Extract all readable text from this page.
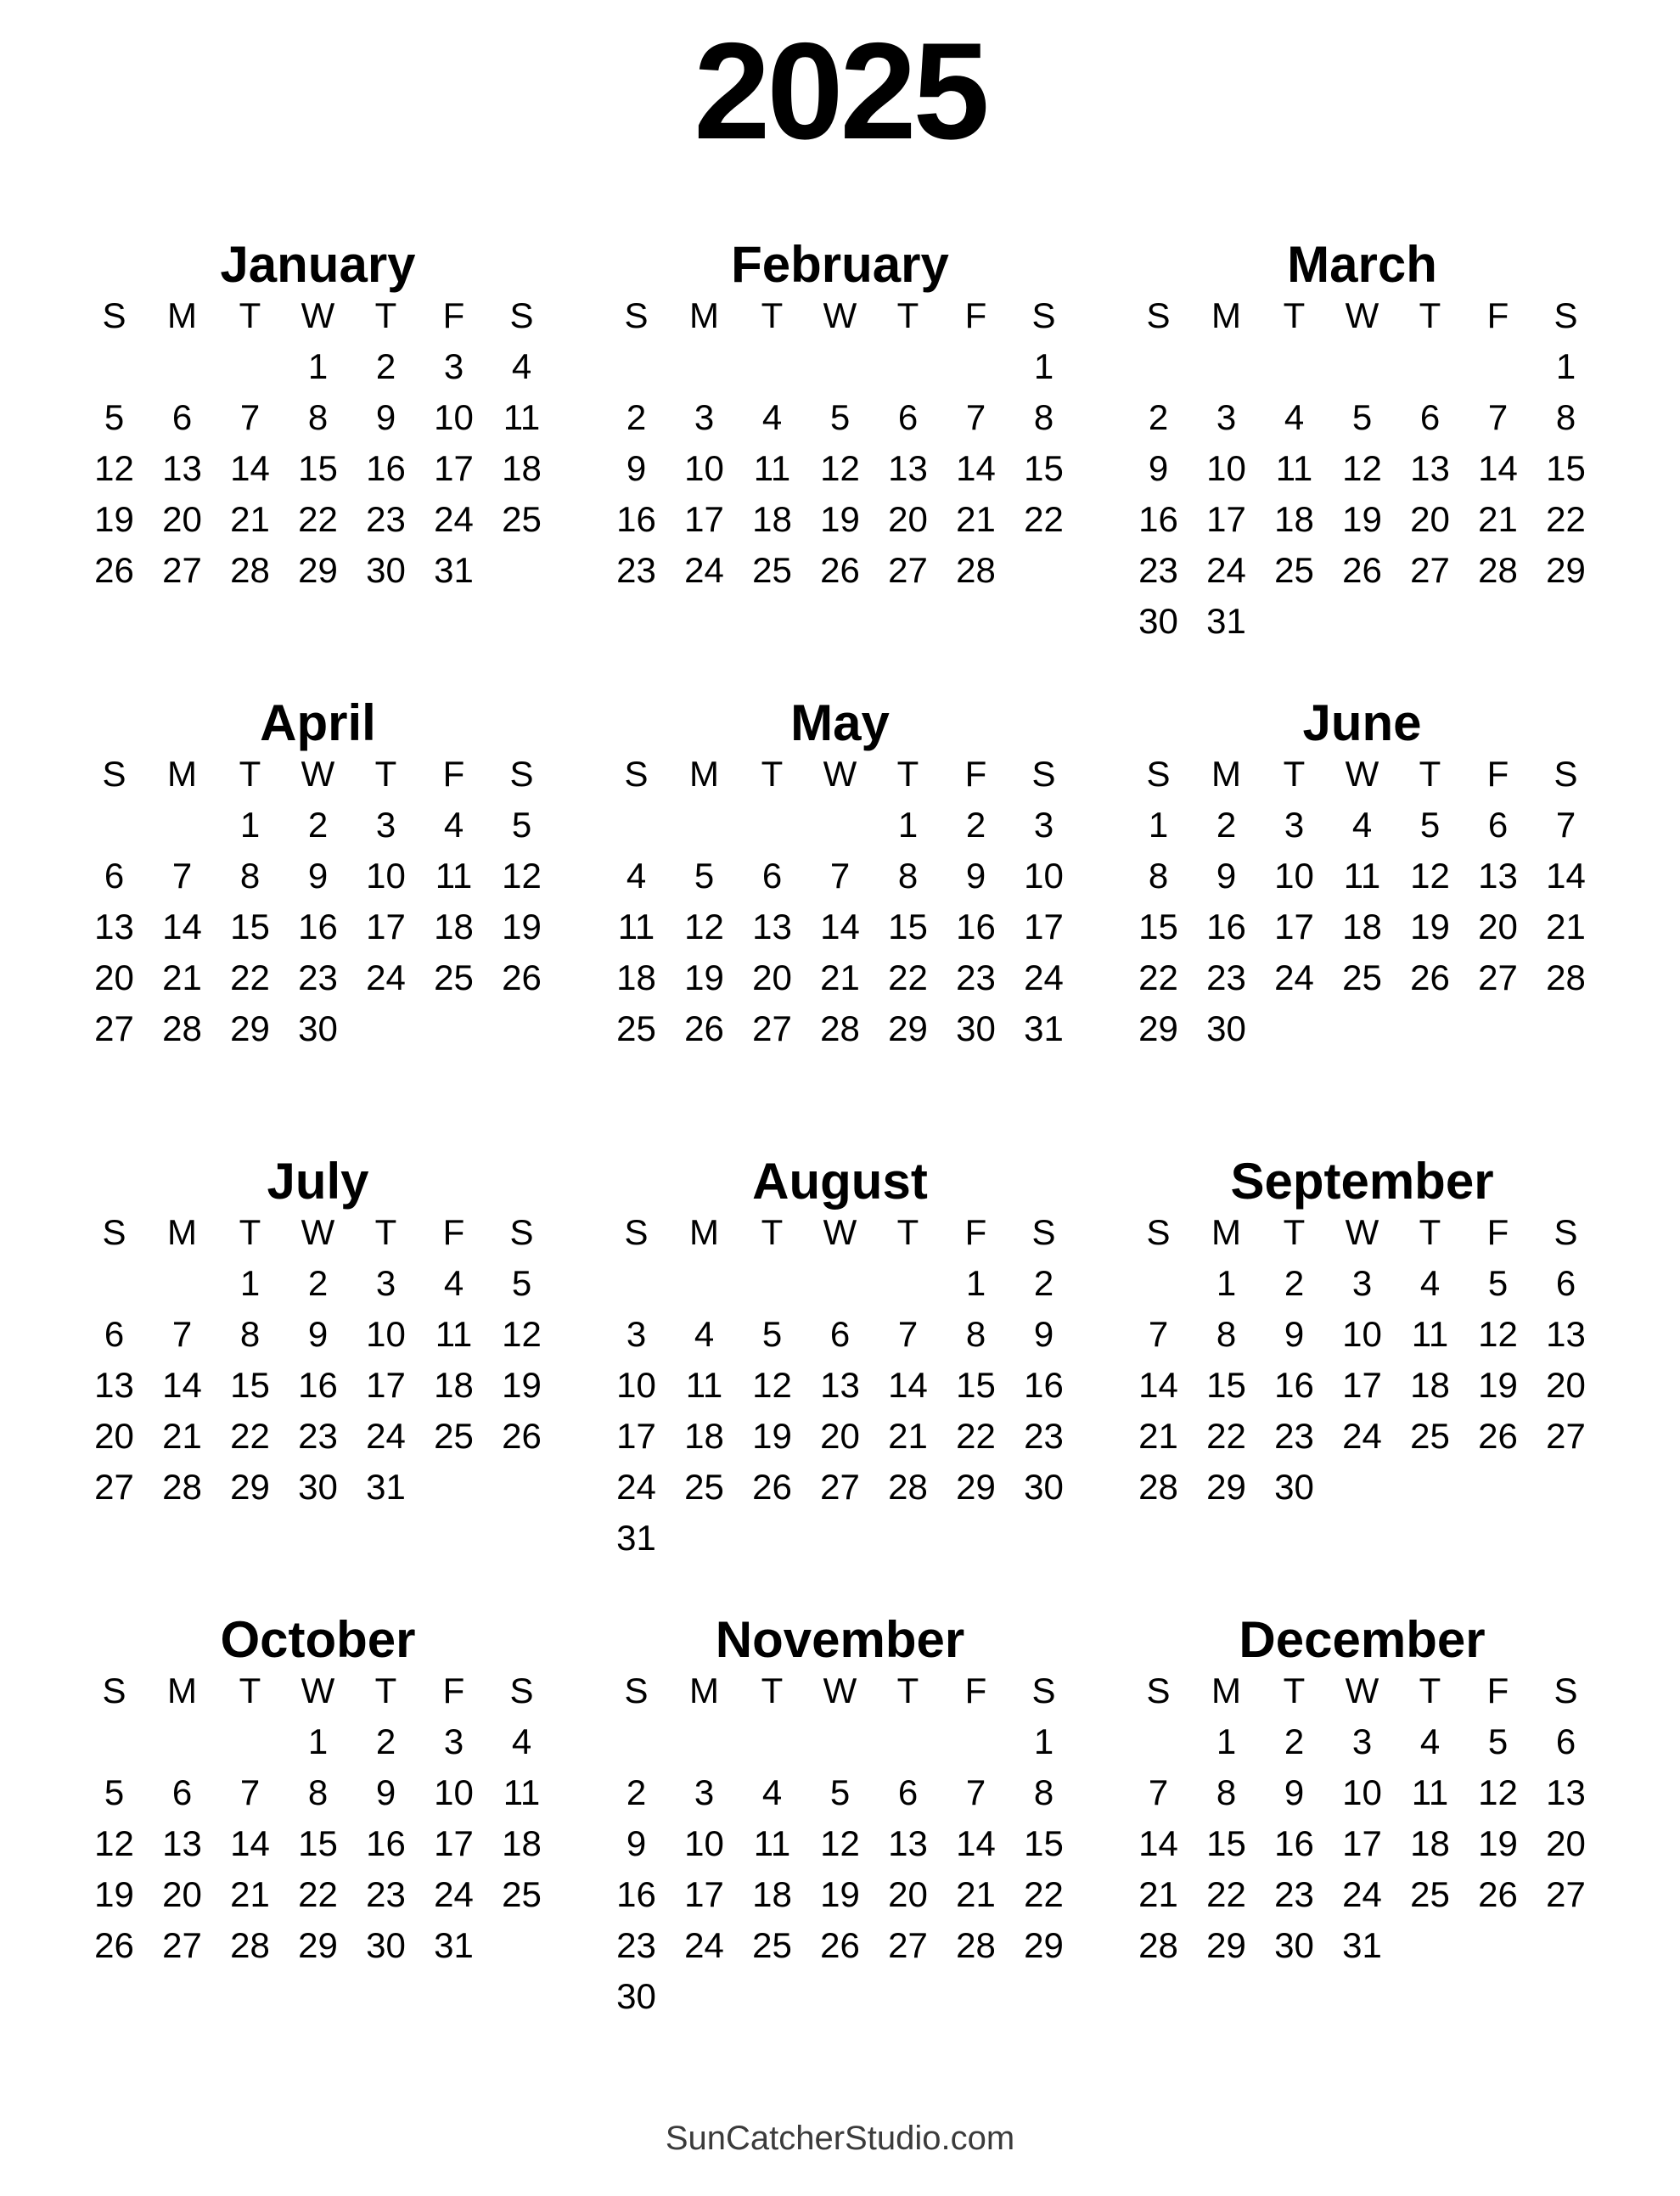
2025
January
S	M	T	W	T	F	S
			1	2	3	4
5	6	7	8	9	10	11
12	13	14	15	16	17	18
19	20	21	22	23	24	25
26	27	28	29	30	31	
February
S	M	T	W	T	F	S
						1
2	3	4	5	6	7	8
9	10	11	12	13	14	15
16	17	18	19	20	21	22
23	24	25	26	27	28	
March
S	M	T	W	T	F	S
						1
2	3	4	5	6	7	8
9	10	11	12	13	14	15
16	17	18	19	20	21	22
23	24	25	26	27	28	29
30	31					
April
S	M	T	W	T	F	S
		1	2	3	4	5
6	7	8	9	10	11	12
13	14	15	16	17	18	19
20	21	22	23	24	25	26
27	28	29	30			
May
S	M	T	W	T	F	S
				1	2	3
4	5	6	7	8	9	10
11	12	13	14	15	16	17
18	19	20	21	22	23	24
25	26	27	28	29	30	31
June
S	M	T	W	T	F	S
1	2	3	4	5	6	7
8	9	10	11	12	13	14
15	16	17	18	19	20	21
22	23	24	25	26	27	28
29	30					
July
S	M	T	W	T	F	S
		1	2	3	4	5
6	7	8	9	10	11	12
13	14	15	16	17	18	19
20	21	22	23	24	25	26
27	28	29	30	31		
August
S	M	T	W	T	F	S
					1	2
3	4	5	6	7	8	9
10	11	12	13	14	15	16
17	18	19	20	21	22	23
24	25	26	27	28	29	30
31						
September
S	M	T	W	T	F	S
	1	2	3	4	5	6
7	8	9	10	11	12	13
14	15	16	17	18	19	20
21	22	23	24	25	26	27
28	29	30				
October
S	M	T	W	T	F	S
			1	2	3	4
5	6	7	8	9	10	11
12	13	14	15	16	17	18
19	20	21	22	23	24	25
26	27	28	29	30	31	
November
S	M	T	W	T	F	S
						1
2	3	4	5	6	7	8
9	10	11	12	13	14	15
16	17	18	19	20	21	22
23	24	25	26	27	28	29
30						
December
S	M	T	W	T	F	S
	1	2	3	4	5	6
7	8	9	10	11	12	13
14	15	16	17	18	19	20
21	22	23	24	25	26	27
28	29	30	31			
SunCatcherStudio.com
